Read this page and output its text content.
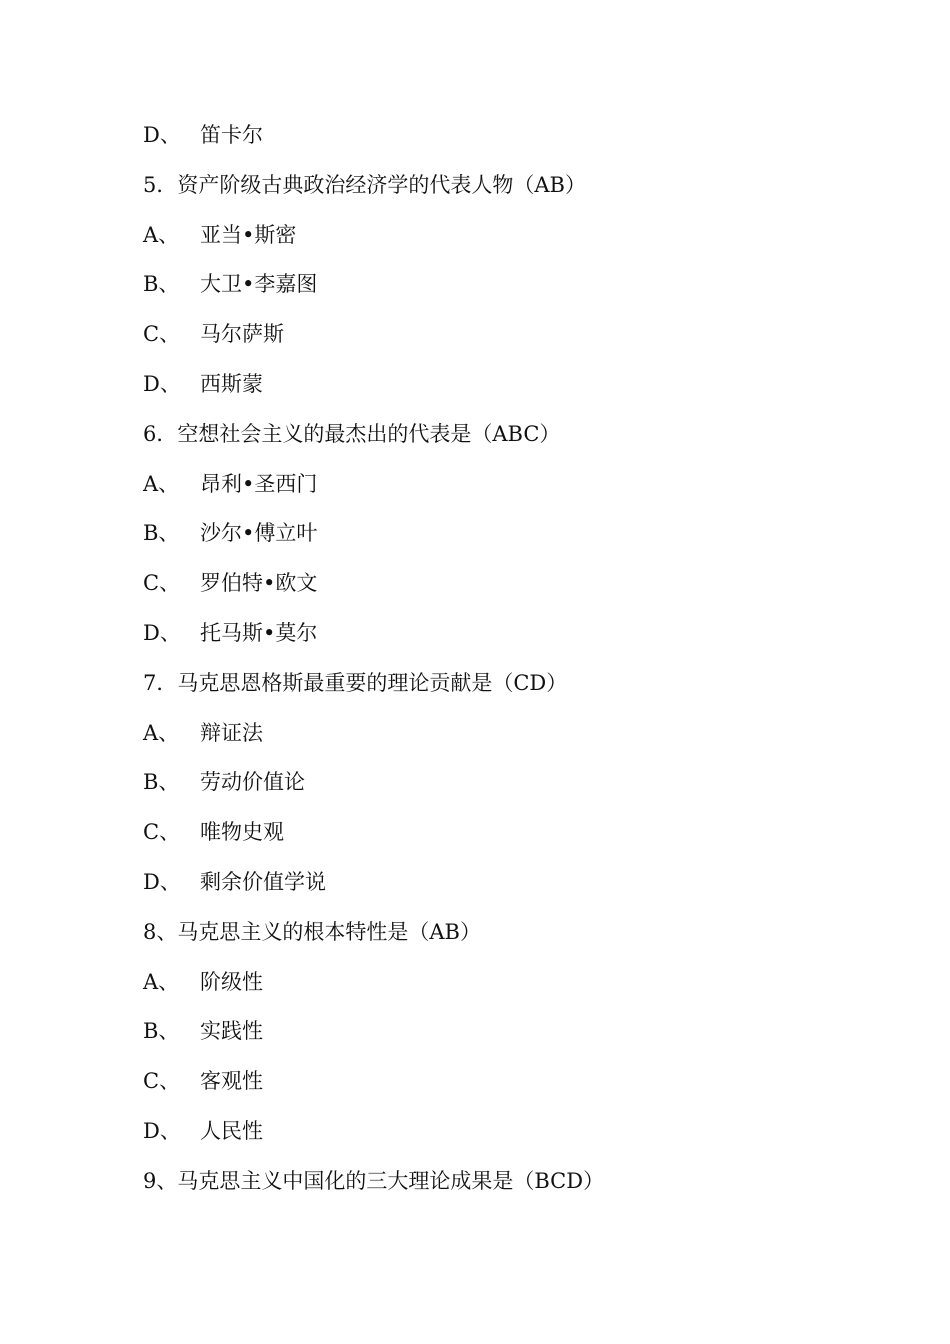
D、 笛卡尔
5．资产阶级古典政治经济学的代表人物（AB）
A、 亚当•斯密
B、 大卫•李嘉图
C、 马尔萨斯
D、 西斯蒙
6．空想社会主义的最杰出的代表是（ABC）
A、 昂利•圣西门
B、 沙尔•傅立叶
C、 罗伯特•欧文
D、 托马斯•莫尔
7．马克思恩格斯最重要的理论贡献是（CD）
A、 辩证法
B、 劳动价值论
C、 唯物史观
D、 剩余价值学说
8、马克思主义的根本特性是（AB）
A、 阶级性
B、 实践性
C、 客观性
D、 人民性
9、马克思主义中国化的三大理论成果是（BCD）
